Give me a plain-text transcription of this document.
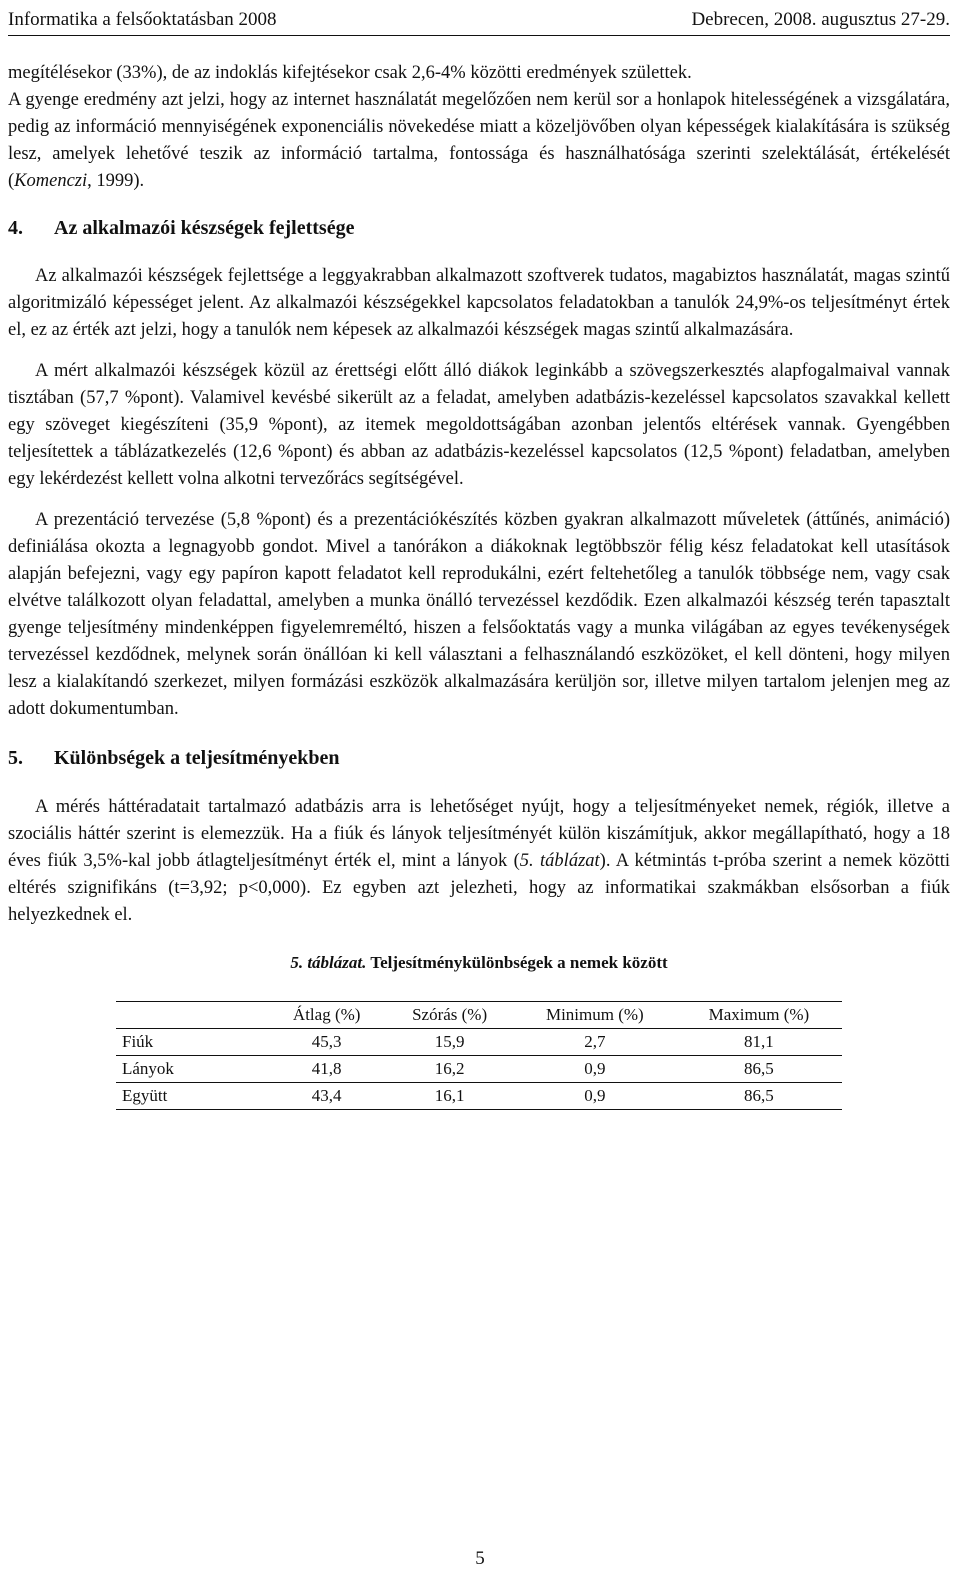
Informatika a felsőoktatásban 2008	Debrecen, 2008. augusztus 27-29.

megítélésekor (33%), de az indoklás kifejtésekor csak 2,6-4% közötti eredmények születtek.

A gyenge eredmény azt jelzi, hogy az internet használatát megelőzően nem kerül sor a honlapok hitelességének a vizsgálatára, pedig az információ mennyiségének exponenciális növekedése miatt a közeljövőben olyan képességek kialakítására is szükség lesz, amelyek lehetővé teszik az információ tartalma, fontossága és használhatósága szerinti szelektálását, értékelését (Komenczi, 1999).

4. Az alkalmazói készségek fejlettsége

Az alkalmazói készségek fejlettsége a leggyakrabban alkalmazott szoftverek tudatos, magabiztos használatát, magas szintű algoritmizáló képességet jelent. Az alkalmazói készségekkel kapcsolatos feladatokban a tanulók 24,9%-os teljesítményt értek el, ez az érték azt jelzi, hogy a tanulók nem képesek az alkalmazói készségek magas szintű alkalmazására.

A mért alkalmazói készségek közül az érettségi előtt álló diákok leginkább a szövegszerkesztés alapfogalmaival vannak tisztában (57,7 %pont). Valamivel kevésbé sikerült az a feladat, amelyben adatbázis-kezeléssel kapcsolatos szavakkal kellett egy szöveget kiegészíteni (35,9 %pont), az itemek megoldottságában azonban jelentős eltérések vannak. Gyengébben teljesítettek a táblázatkezelés (12,6 %pont) és abban az adatbázis-kezeléssel kapcsolatos (12,5 %pont) feladatban, amelyben egy lekérdezést kellett volna alkotni tervezőrács segítségével.

A prezentáció tervezése (5,8 %pont) és a prezentációkészítés közben gyakran alkalmazott műveletek (áttűnés, animáció) definiálása okozta a legnagyobb gondot. Mivel a tanórákon a diákoknak legtöbbször félig kész feladatokat kell utasítások alapján befejezni, vagy egy papíron kapott feladatot kell reprodukálni, ezért feltehetőleg a tanulók többsége nem, vagy csak elvétve találkozott olyan feladattal, amelyben a munka önálló tervezéssel kezdődik. Ezen alkalmazói készség terén tapasztalt gyenge teljesítmény mindenképpen figyelemreméltó, hiszen a felsőoktatás vagy a munka világában az egyes tevékenységek tervezéssel kezdődnek, melynek során önállóan ki kell választani a felhasználandó eszközöket, el kell dönteni, hogy milyen lesz a kialakítandó szerkezet, milyen formázási eszközök alkalmazására kerüljön sor, illetve milyen tartalom jelenjen meg az adott dokumentumban.

5. Különbségek a teljesítményekben

A mérés háttéradatait tartalmazó adatbázis arra is lehetőséget nyújt, hogy a teljesítményeket nemek, régiók, illetve a szociális háttér szerint is elemezzük. Ha a fiúk és lányok teljesítményét külön kiszámítjuk, akkor megállapítható, hogy a 18 éves fiúk 3,5%-kal jobb átlagteljesítményt érték el, mint a lányok (5. táblázat). A kétmintás t-próba szerint a nemek közötti eltérés szignifikáns (t=3,92; p<0,000). Ez egyben azt jelezheti, hogy az informatikai szakmákban elsősorban a fiúk helyezkednek el.

5. táblázat. Teljesítménykülönbségek a nemek között
	Átlag (%)	Szórás (%)	Minimum (%)	Maximum (%)
Fiúk	45,3	15,9	2,7	81,1
Lányok	41,8	16,2	0,9	86,5
Együtt	43,4	16,1	0,9	86,5
5
